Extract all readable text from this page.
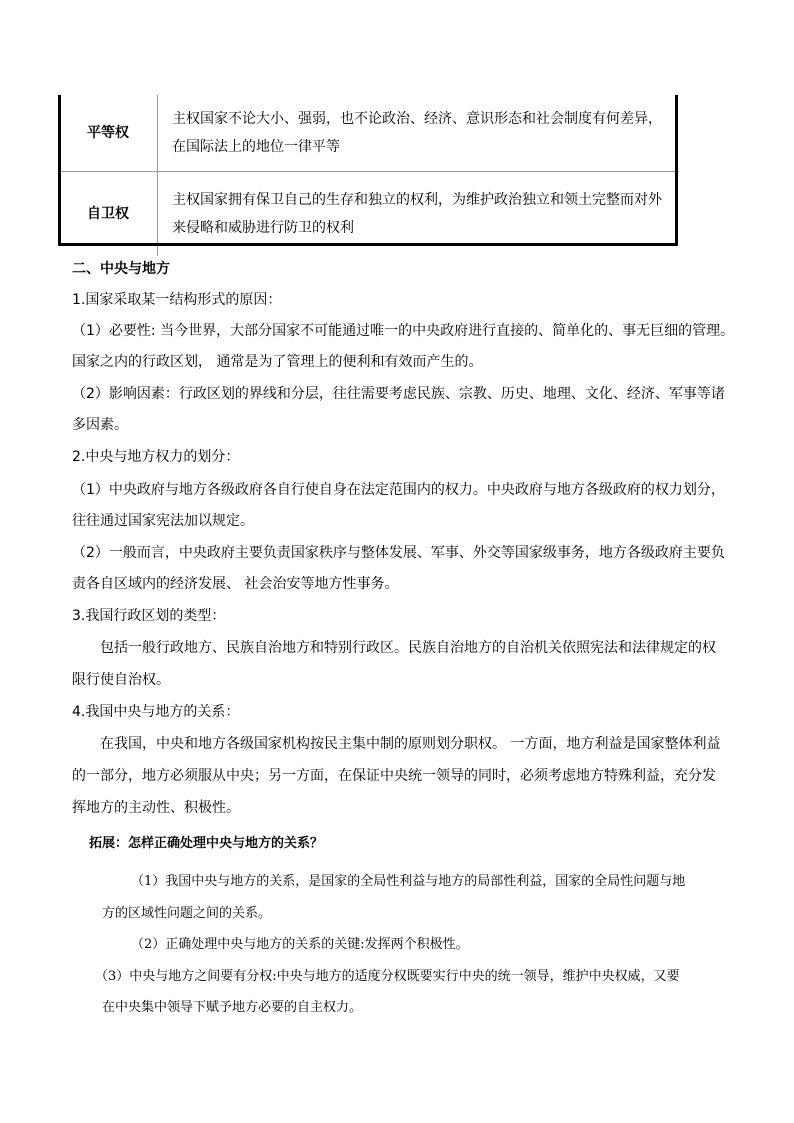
平等权	主权国家不论大小、强弱，也不论政治、经济、意识形态和社会制度有何差异，
在国际法上的地位一律平等

自卫权	主权国家拥有保卫自己的生存和独立的权利，为维护政治独立和领土完整而对外
来侵略和威胁进行防卫的权利
二、中央与地方
1.国家采取某一结构形式的原因：
（1）必要性: 当今世界，大部分国家不可能通过唯一的中央政府进行直接的、简单化的、事无巨细的管理。
国家之内的行政区划， 通常是为了管理上的便利和有效而产生的。
（2）影响因素：行政区划的界线和分层，往往需要考虑民族、宗教、历史、地理、文化、经济、军事等诸
多因素。
2.中央与地方权力的划分：
（1）中央政府与地方各级政府各自行使自身在法定范围内的权力。中央政府与地方各级政府的权力划分，
往往通过国家宪法加以规定。
（2）一般而言，中央政府主要负责国家秩序与整体发展、军事、外交等国家级事务，地方各级政府主要负
责各自区域内的经济发展、 社会治安等地方性事务。
3.我国行政区划的类型：
包括一般行政地方、民族自治地方和特别行政区。民族自治地方的自治机关依照宪法和法律规定的权
限行使自治权。
4.我国中央与地方的关系：
在我国，中央和地方各级国家机构按民主集中制的原则划分职权。 一方面，地方利益是国家整体利益
的一部分，地方必须服从中央；另一方面，在保证中央统一领导的同时，必须考虑地方特殊利益，充分发
挥地方的主动性、积极性。
拓展：怎样正确处理中央与地方的关系？
（1）我国中央与地方的关系，是国家的全局性利益与地方的局部性利益，国家的全局性问题与地
方的区域性问题之间的关系。
（2）正确处理中央与地方的关系的关键:发挥两个积极性。
（3）中央与地方之间要有分权:中央与地方的适度分权既要实行中央的统一领导，维护中央权威，又要
在中央集中领导下赋予地方必要的自主权力。
